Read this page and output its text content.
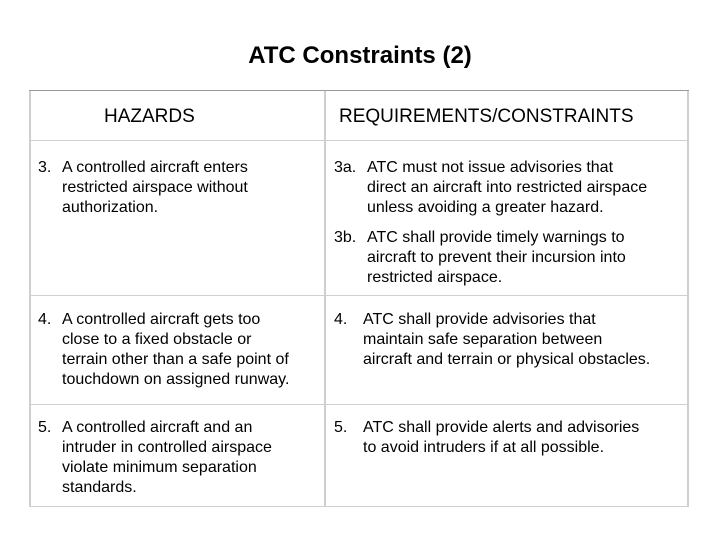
ATC Constraints (2)
HAZARDS	REQUIREMENTS/CONSTRAINTS
3. A controlled aircraft enters
restricted airspace without
authorization.
3a. ATC must not issue advisories that
direct an aircraft into restricted airspace
unless avoiding a greater hazard.
3b. ATC shall provide timely warnings to
aircraft to prevent their incursion into
restricted airspace.
4. A controlled aircraft gets too
close to a fixed obstacle or
terrain other than a safe point of
touchdown on assigned runway.
4. ATC shall provide advisories that
maintain safe separation between
aircraft and terrain or physical obstacles.
5. A controlled aircraft and an
intruder in controlled airspace
violate minimum separation
standards.
5. ATC shall provide alerts and advisories
to avoid intruders if at all possible.
